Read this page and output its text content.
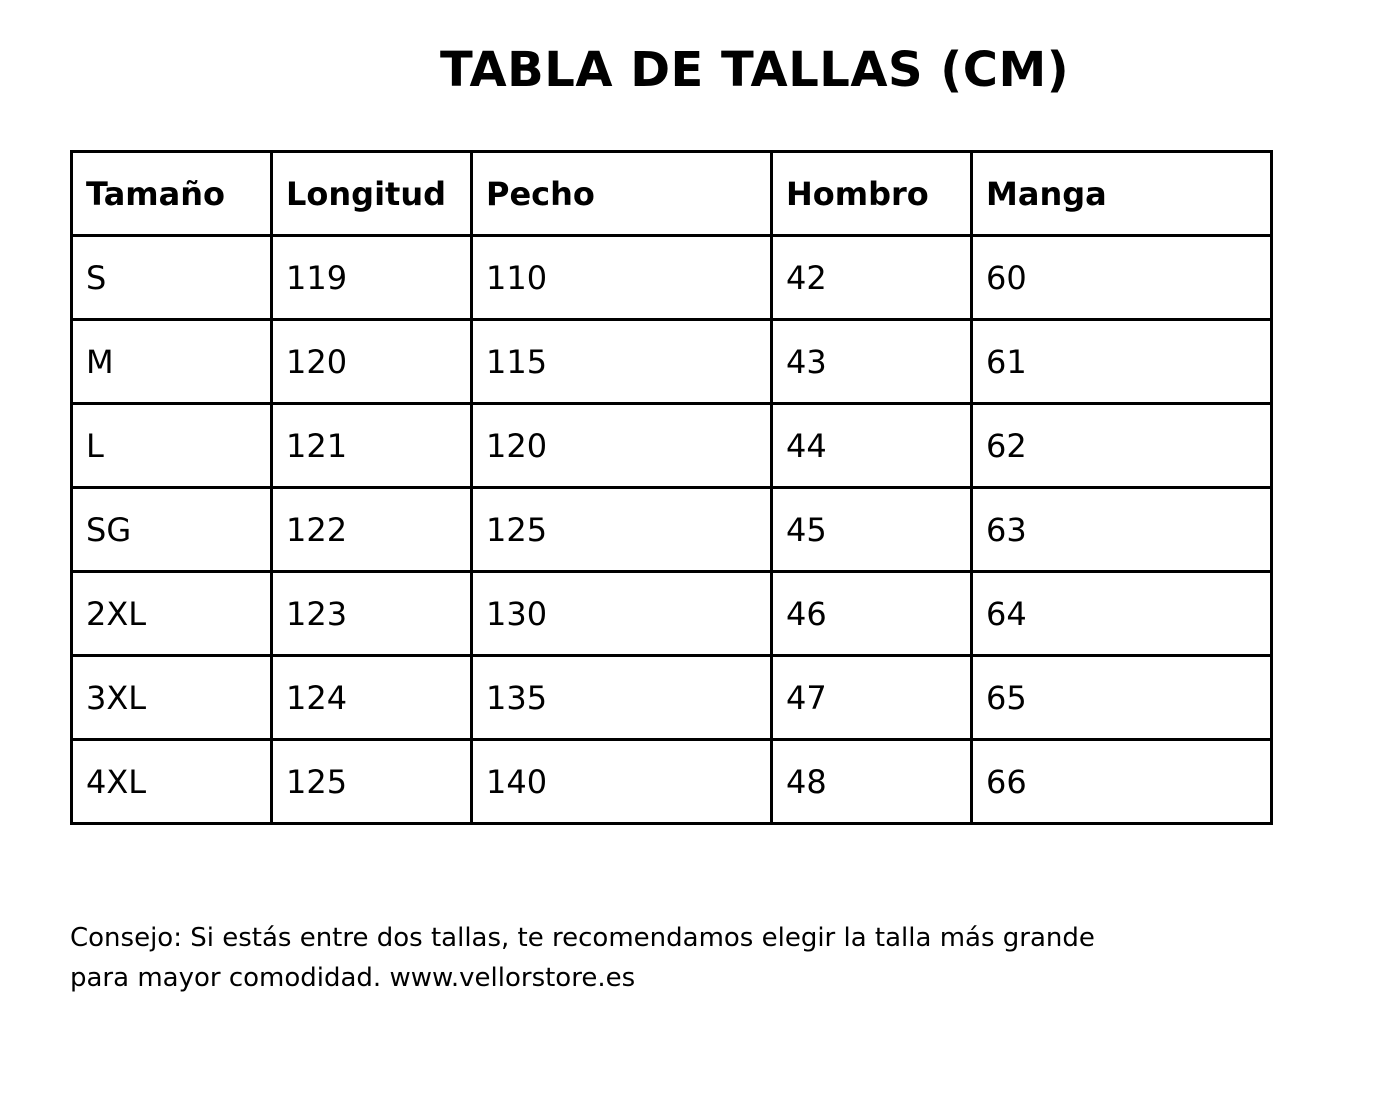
TABLA DE TALLAS (CM)
Tamaño	Longitud	Pecho	Hombro	Manga
S	119	110	42	60
M	120	115	43	61
L	121	120	44	62
SG	122	125	45	63
2XL	123	130	46	64
3XL	124	135	47	65
4XL	125	140	48	66
Consejo: Si estás entre dos tallas, te recomendamos elegir la talla más grande
para mayor comodidad. www.vellorstore.es
